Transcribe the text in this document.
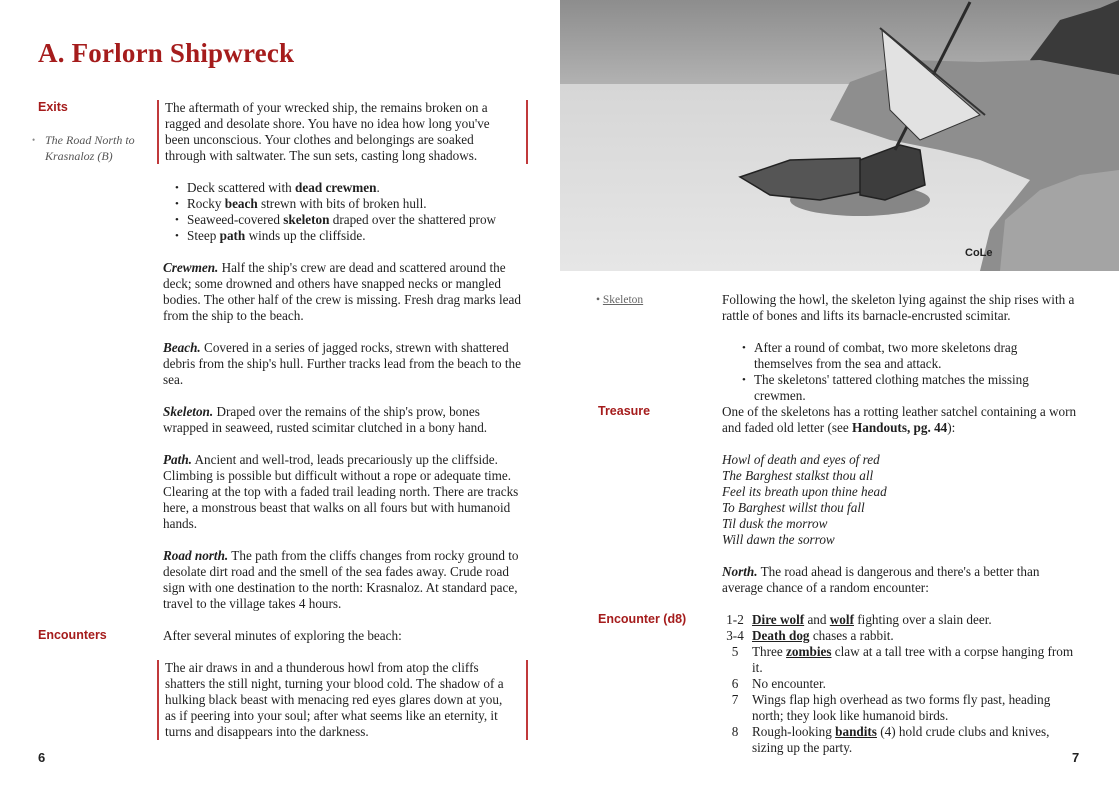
A. Forlorn Shipwreck
Exits
• The Road North to Krasnaloz (B)

The aftermath of your wrecked ship, the remains broken on a ragged and desolate shore. You have no idea how long you've been unconscious. Your clothes and belongings are soaked through with saltwater. The sun sets, casting long shadows.

• Deck scattered with dead crewmen.
• Rocky beach strewn with bits of broken hull.
• Seaweed-covered skeleton draped over the shattered prow
• Steep path winds up the cliffside.

Crewmen. Half the ship's crew are dead and scattered around the deck; some drowned and others have snapped necks or mangled bodies. The other half of the crew is missing. Fresh drag marks lead from the ship to the beach.

Beach. Covered in a series of jagged rocks, strewn with shattered debris from the ship's hull. Further tracks lead from the beach to the sea.

Skeleton. Draped over the remains of the ship's prow, bones wrapped in seaweed, rusted scimitar clutched in a bony hand.

Path. Ancient and well-trod, leads precariously up the cliffside. Climbing is possible but difficult without a rope or adequate time. Clearing at the top with a faded trail leading north. There are tracks here, a monstrous beast that walks on all fours but with humanoid hands.

Road north. The path from the cliffs changes from rocky ground to desolate dirt road and the smell of the sea fades away. Crude road sign with one destination to the north: Krasnaloz. At standard pace, travel to the village takes 4 hours.

Encounters	After several minutes of exploring the beach:

The air draws in and a thunderous howl from atop the cliffs shatters the still night, turning your blood cold. The shadow of a hulking black beast with menacing red eyes glares down at you, as if peering into your soul; after what seems like an eternity, it turns and disappears into the darkness.

6
CoLe
• Skeleton	Following the howl, the skeleton lying against the ship rises with a rattle of bones and lifts its barnacle-encrusted scimitar.

• After a round of combat, two more skeletons drag themselves from the sea and attack.
• The skeletons' tattered clothing matches the missing crewmen.
Treasure	One of the skeletons has a rotting leather satchel containing a worn and faded old letter (see Handouts, pg. 44):

Howl of death and eyes of red
The Barghest stalkst thou all
Feel its breath upon thine head
To Barghest willst thou fall
Til dusk the morrow
Will dawn the sorrow

North. The road ahead is dangerous and there's a better than average chance of a random encounter:

Encounter (d8)	1-2 Dire wolf and wolf fighting over a slain deer.
3-4 Death dog chases a rabbit.
5	Three zombies claw at a tall tree with a corpse hanging from it.
6	No encounter.
7	Wings flap high overhead as two forms fly past, heading north; they look like humanoid birds.
8	Rough-looking bandits (4) hold crude clubs and knives, sizing up the party.
7
